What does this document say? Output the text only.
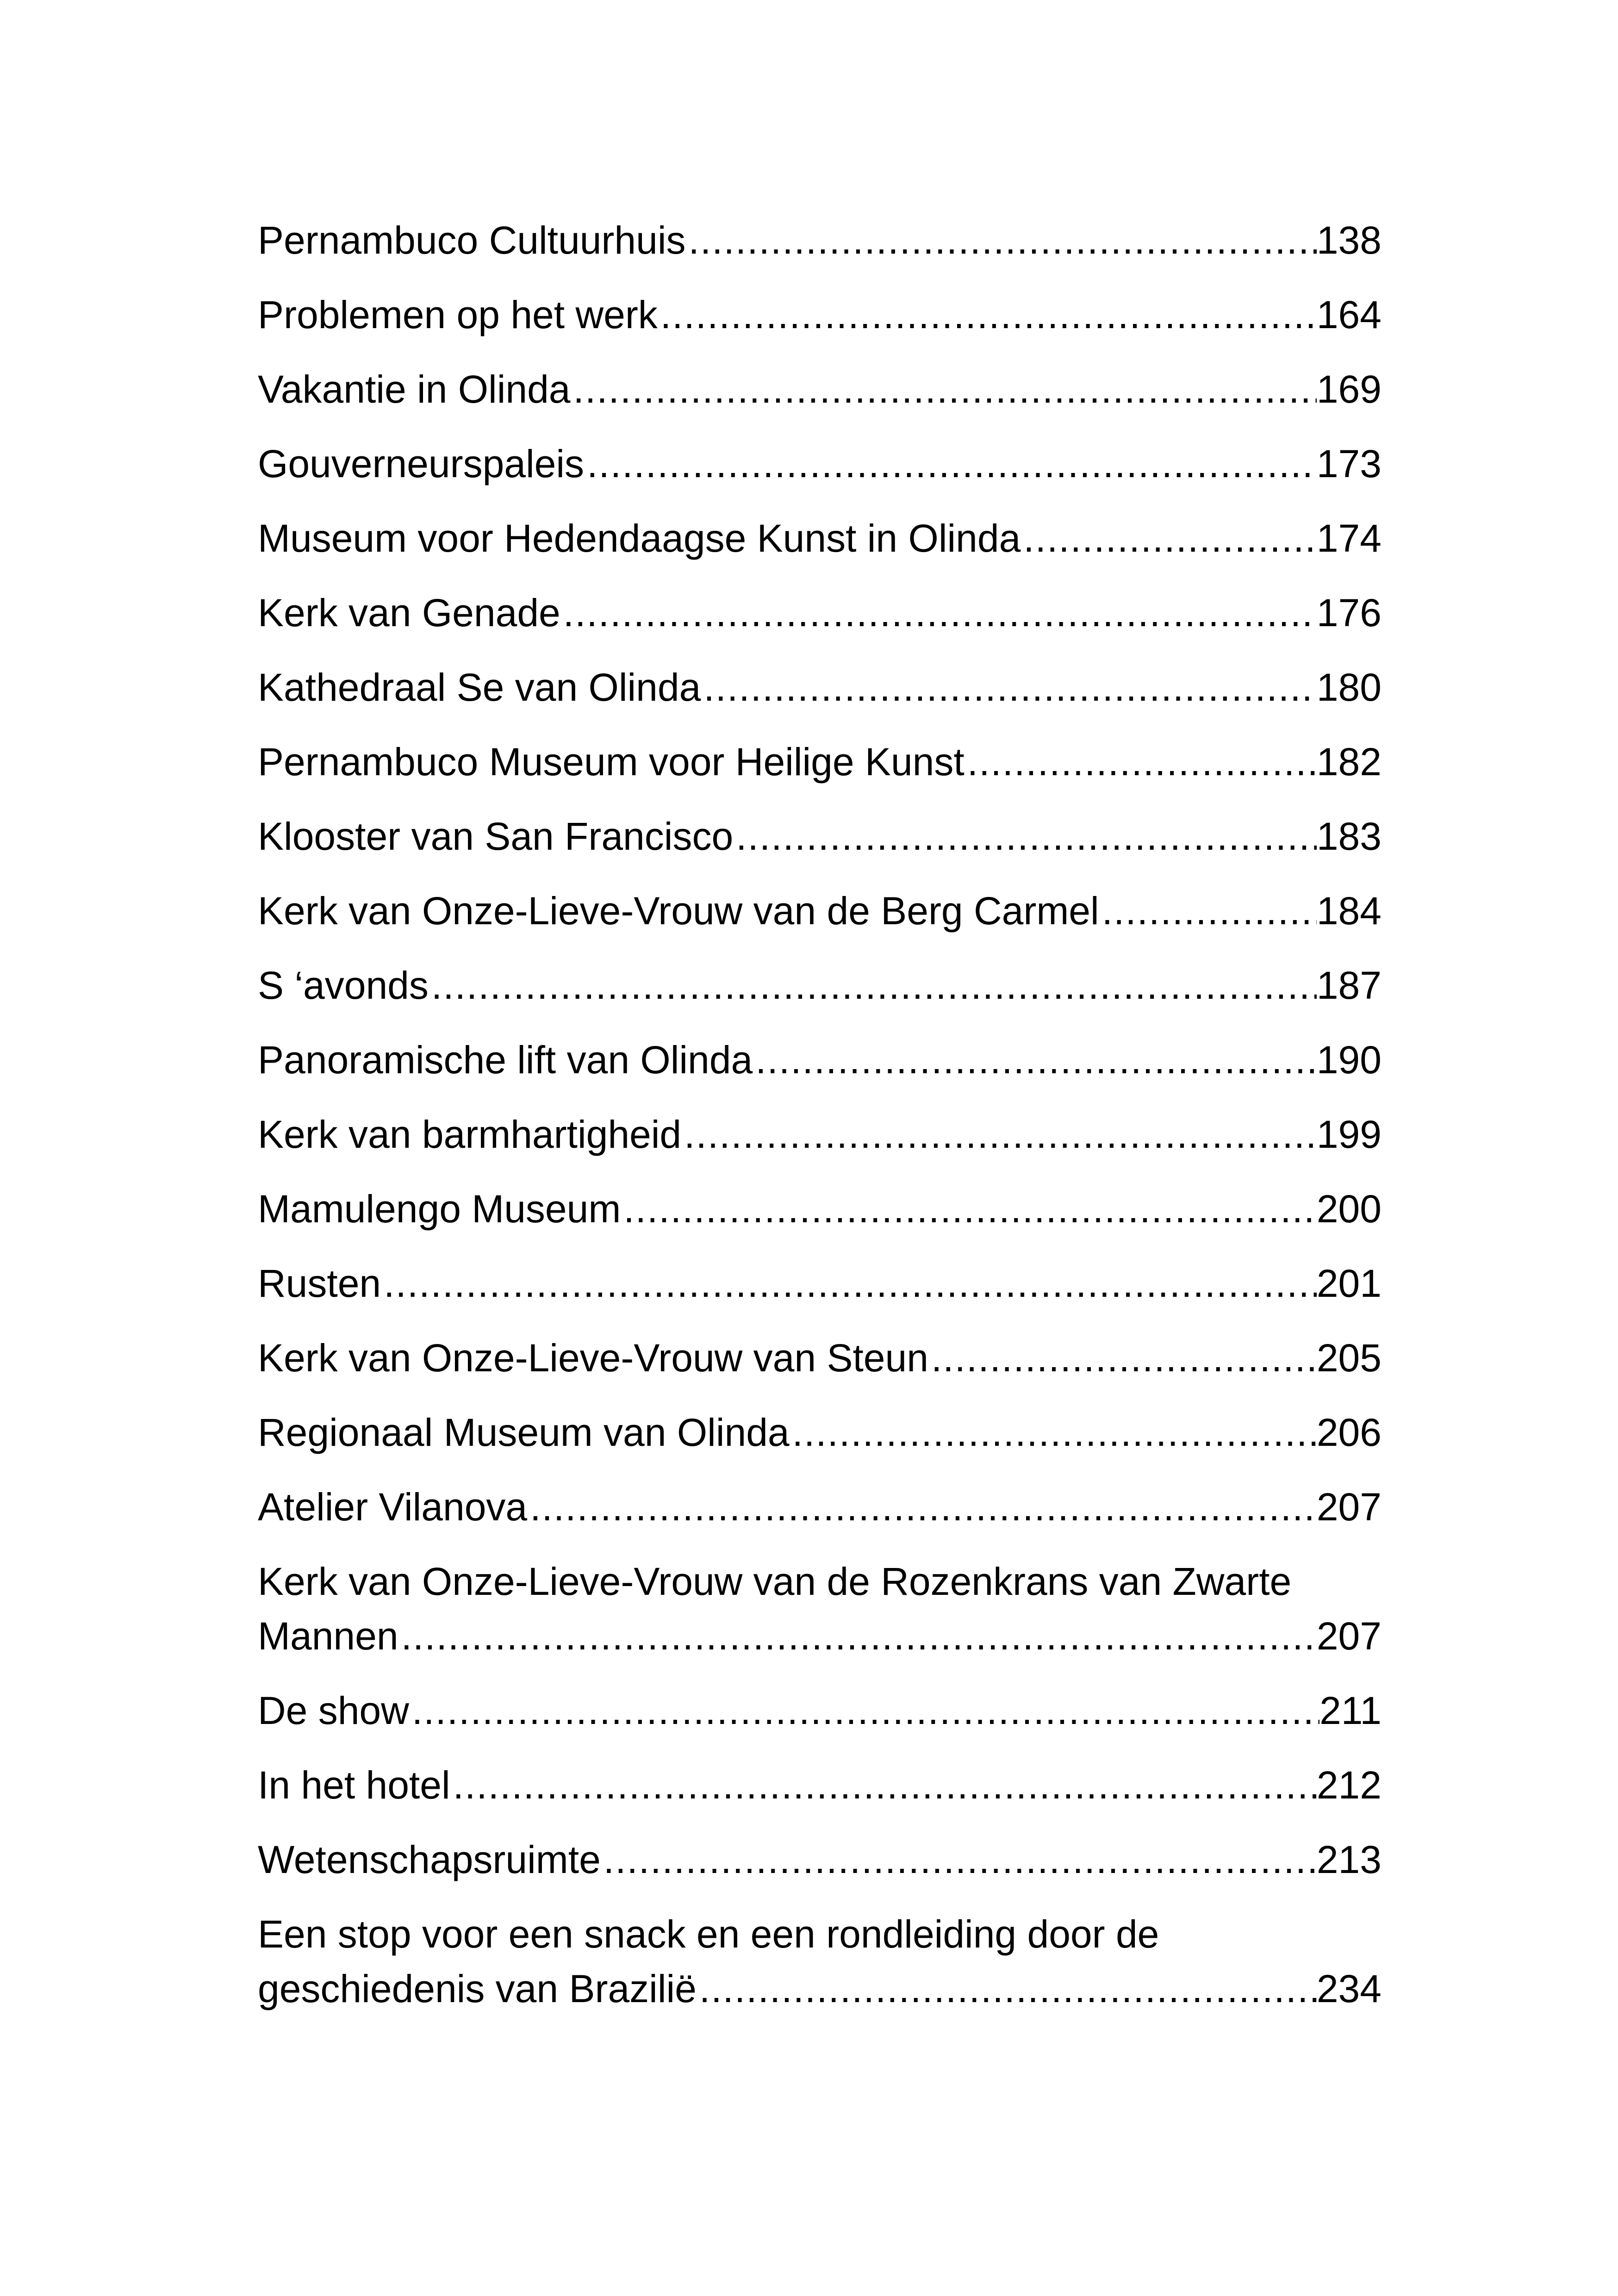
Pernambuco Cultuurhuis .....	138
Problemen op het werk .....	164
Vakantie in Olinda .....	169
Gouverneurspaleis .....	173
Museum voor Hedendaagse Kunst in Olinda .....	174
Kerk van Genade .....	176
Kathedraal Se van Olinda .....	180
Pernambuco Museum voor Heilige Kunst .....	182
Klooster van San Francisco .....	183
Kerk van Onze-Lieve-Vrouw van de Berg Carmel .....	184
S ‘avonds .....	187
Panoramische lift van Olinda .....	190
Kerk van barmhartigheid .....	199
Mamulengo Museum .....	200
Rusten .....	201
Kerk van Onze-Lieve-Vrouw van Steun .....	205
Regionaal Museum van Olinda .....	206
Atelier Vilanova .....	207
Kerk van Onze-Lieve-Vrouw van de Rozenkrans van Zwarte
Mannen .....	207
De show .....	211
In het hotel .....	212
Wetenschapsruimte .....	213
Een stop voor een snack en een rondleiding door de
geschiedenis van Brazilië .....	234
